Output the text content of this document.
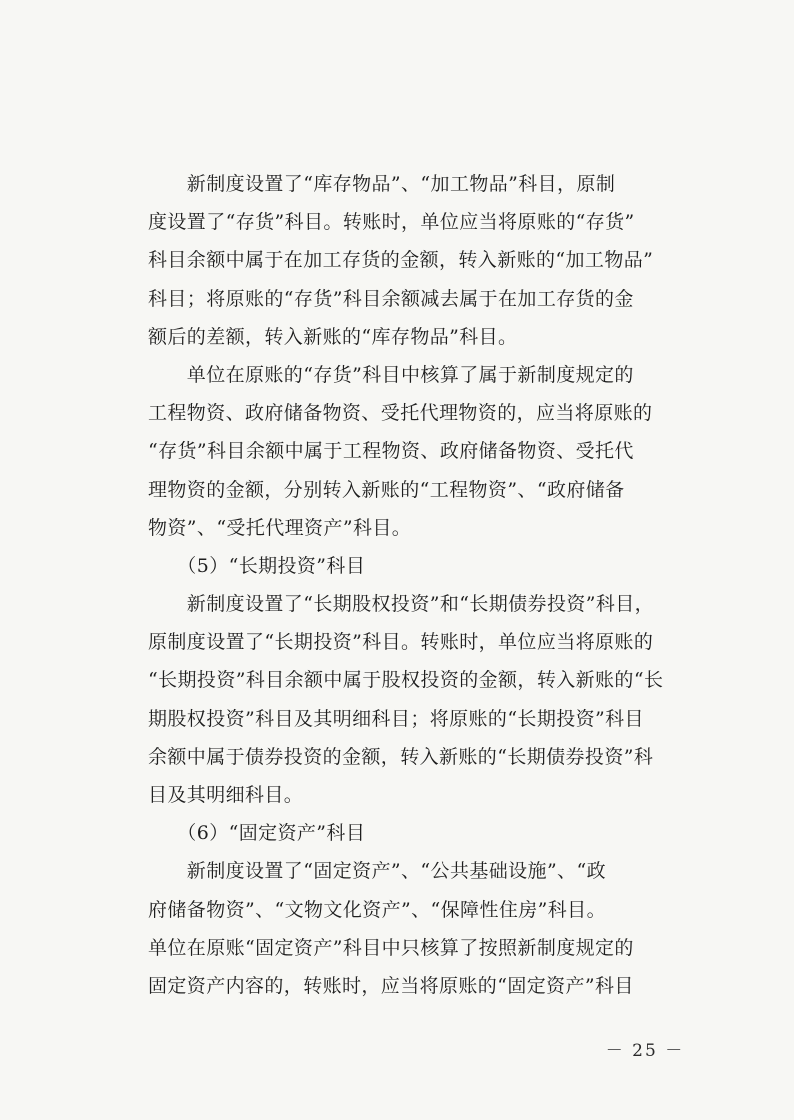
　　新制度设置了“库存物品”、“加工物品”科目，原制
度设置了“存货”科目。转账时，单位应当将原账的“存货”
科目余额中属于在加工存货的金额，转入新账的“加工物品”
科目；将原账的“存货”科目余额减去属于在加工存货的金
额后的差额，转入新账的“库存物品”科目。
　　单位在原账的“存货”科目中核算了属于新制度规定的
工程物资、政府储备物资、受托代理物资的，应当将原账的
“存货”科目余额中属于工程物资、政府储备物资、受托代
理物资的金额，分别转入新账的“工程物资”、“政府储备
物资”、“受托代理资产”科目。
　　（5）“长期投资”科目
　　新制度设置了“长期股权投资”和“长期债券投资”科目，
原制度设置了“长期投资”科目。转账时，单位应当将原账的
“长期投资”科目余额中属于股权投资的金额，转入新账的“长
期股权投资”科目及其明细科目；将原账的“长期投资”科目
余额中属于债券投资的金额，转入新账的“长期债券投资”科
目及其明细科目。
　　（6）“固定资产”科目
　　新制度设置了“固定资产”、“公共基础设施”、“政
府储备物资”、“文物文化资产”、“保障性住房”科目。
单位在原账“固定资产”科目中只核算了按照新制度规定的
固定资产内容的，转账时，应当将原账的“固定资产”科目
－ 25 －
